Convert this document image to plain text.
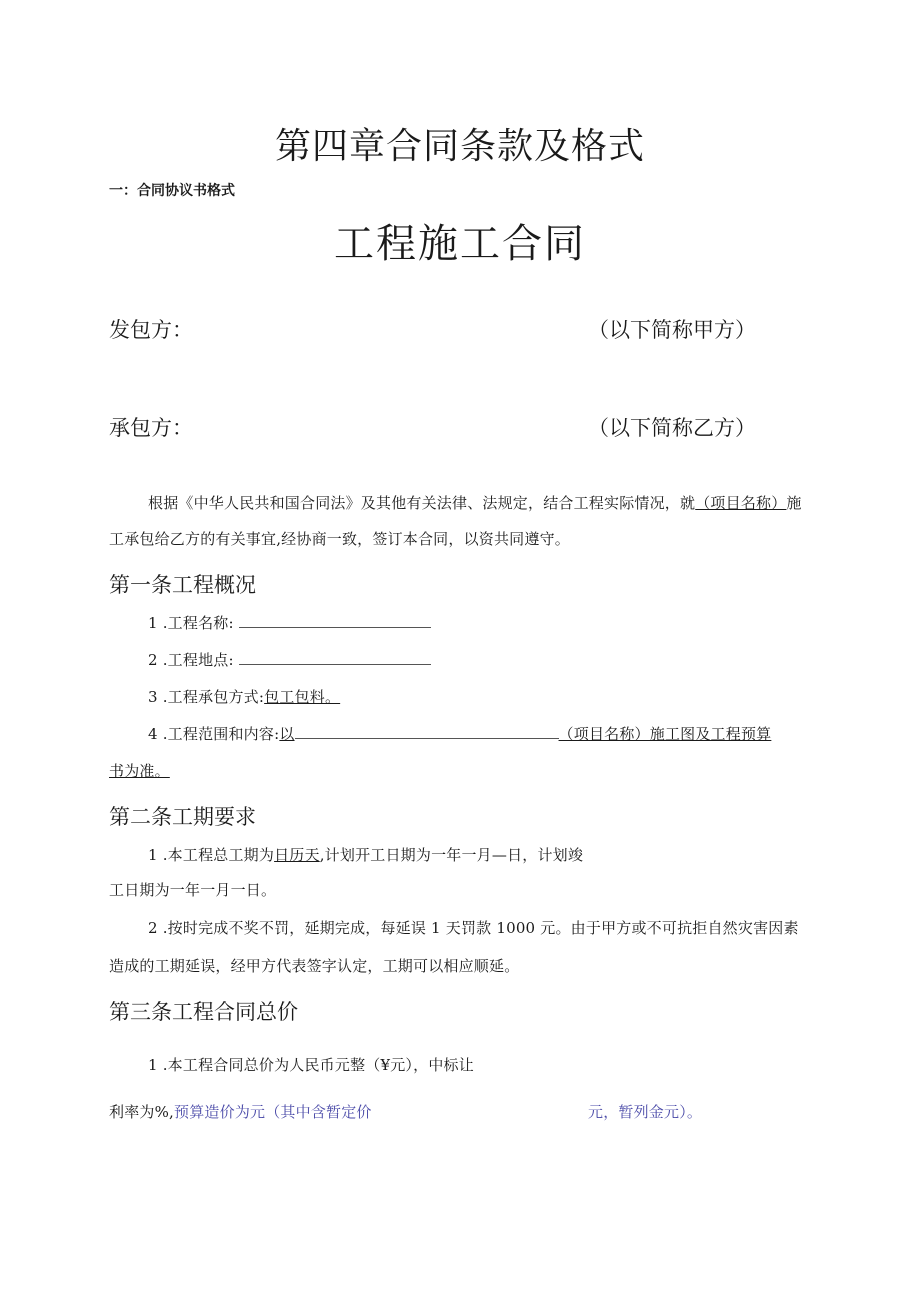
第四章合同条款及格式
一：合同协议书格式
工程施工合同
发包方：	（以下简称甲方）
承包方：	（以下简称乙方）
根据《中华人民共和国合同法》及其他有关法律、法规定，结合工程实际情况，就（项目名称）施
工承包给乙方的有关事宜,经协商一致，签订本合同，以资共同遵守。
第一条工程概况
1 .工程名称:
2 .工程地点:
3 .工程承包方式:包工包料。
4 .工程范围和内容:以	（项目名称）施工图及工程预算
书为准。
第二条工期要求
1 .本工程总工期为日历天,计划开工日期为一年一月—日，计划竣
工日期为一年一月一日。
2 .按时完成不奖不罚，延期完成，每延误 1 天罚款 1000 元。由于甲方或不可抗拒自然灾害因素
造成的工期延误，经甲方代表签字认定，工期可以相应顺延。
第三条工程合同总价
1 .本工程合同总价为人民币元整（¥元），中标让
利率为%,预算造价为元（其中含暂定价	元，暂列金元）。
